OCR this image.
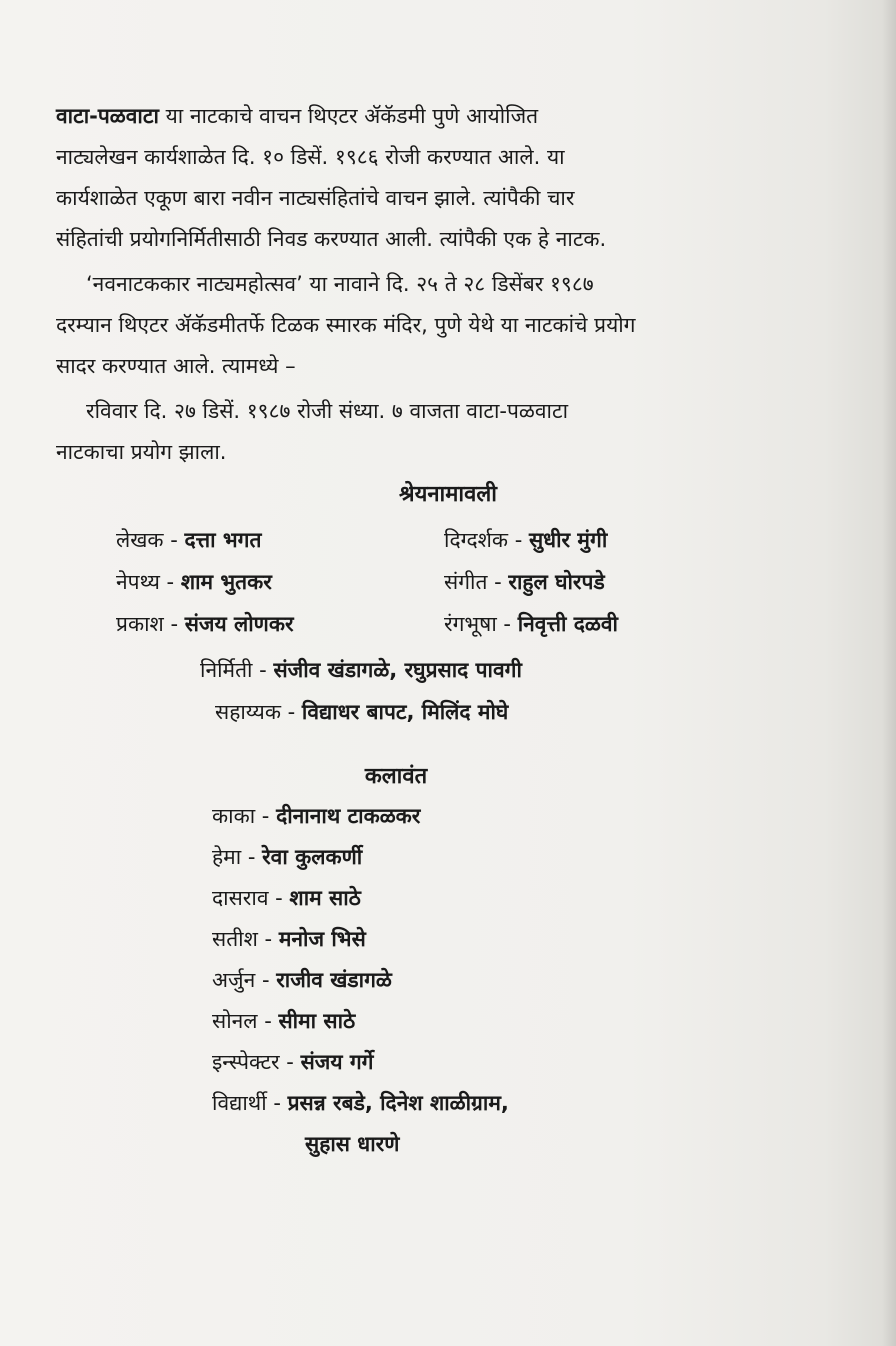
वाटा-पळवाटा या नाटकाचे वाचन थिएटर ॲकॅडमी पुणे आयोजित

नाट्यलेखन कार्यशाळेत दि. १० डिसें. १९८६ रोजी करण्यात आले. या

कार्यशाळेत एकूण बारा नवीन नाट्यसंहितांचे वाचन झाले. त्यांपैकी चार

संहितांची प्रयोगनिर्मितीसाठी निवड करण्यात आली. त्यांपैकी एक हे नाटक.

‘नवनाटककार नाट्यमहोत्सव’ या नावाने दि. २५ ते २८ डिसेंबर १९८७

दरम्यान थिएटर ॲकॅडमीतर्फे टिळक स्मारक मंदिर, पुणे येथे या नाटकांचे प्रयोग

सादर करण्यात आले. त्यामध्ये –

रविवार दि. २७ डिसें. १९८७ रोजी संध्या. ७ वाजता वाटा-पळवाटा

नाटकाचा प्रयोग झाला.

श्रेयनामावली
लेखक - दत्ता भगत
नेपथ्य - शाम भुतकर
प्रकाश - संजय लोणकर
दिग्दर्शक - सुधीर मुंगी
संगीत - राहुल घोरपडे
रंगभूषा - निवृत्ती दळवी
निर्मिती - संजीव खंडागळे, रघुप्रसाद पावगी
सहाय्यक - विद्याधर बापट, मिलिंद मोघे
कलावंत
काका - दीनानाथ टाकळकर
हेमा - रेवा कुलकर्णी
दासराव - शाम साठे
सतीश - मनोज भिसे
अर्जुन - राजीव खंडागळे
सोनल - सीमा साठे
इन्स्पेक्टर - संजय गर्गे
विद्यार्थी - प्रसन्न रबडे, दिनेश शाळीग्राम,
सुहास धारणे
